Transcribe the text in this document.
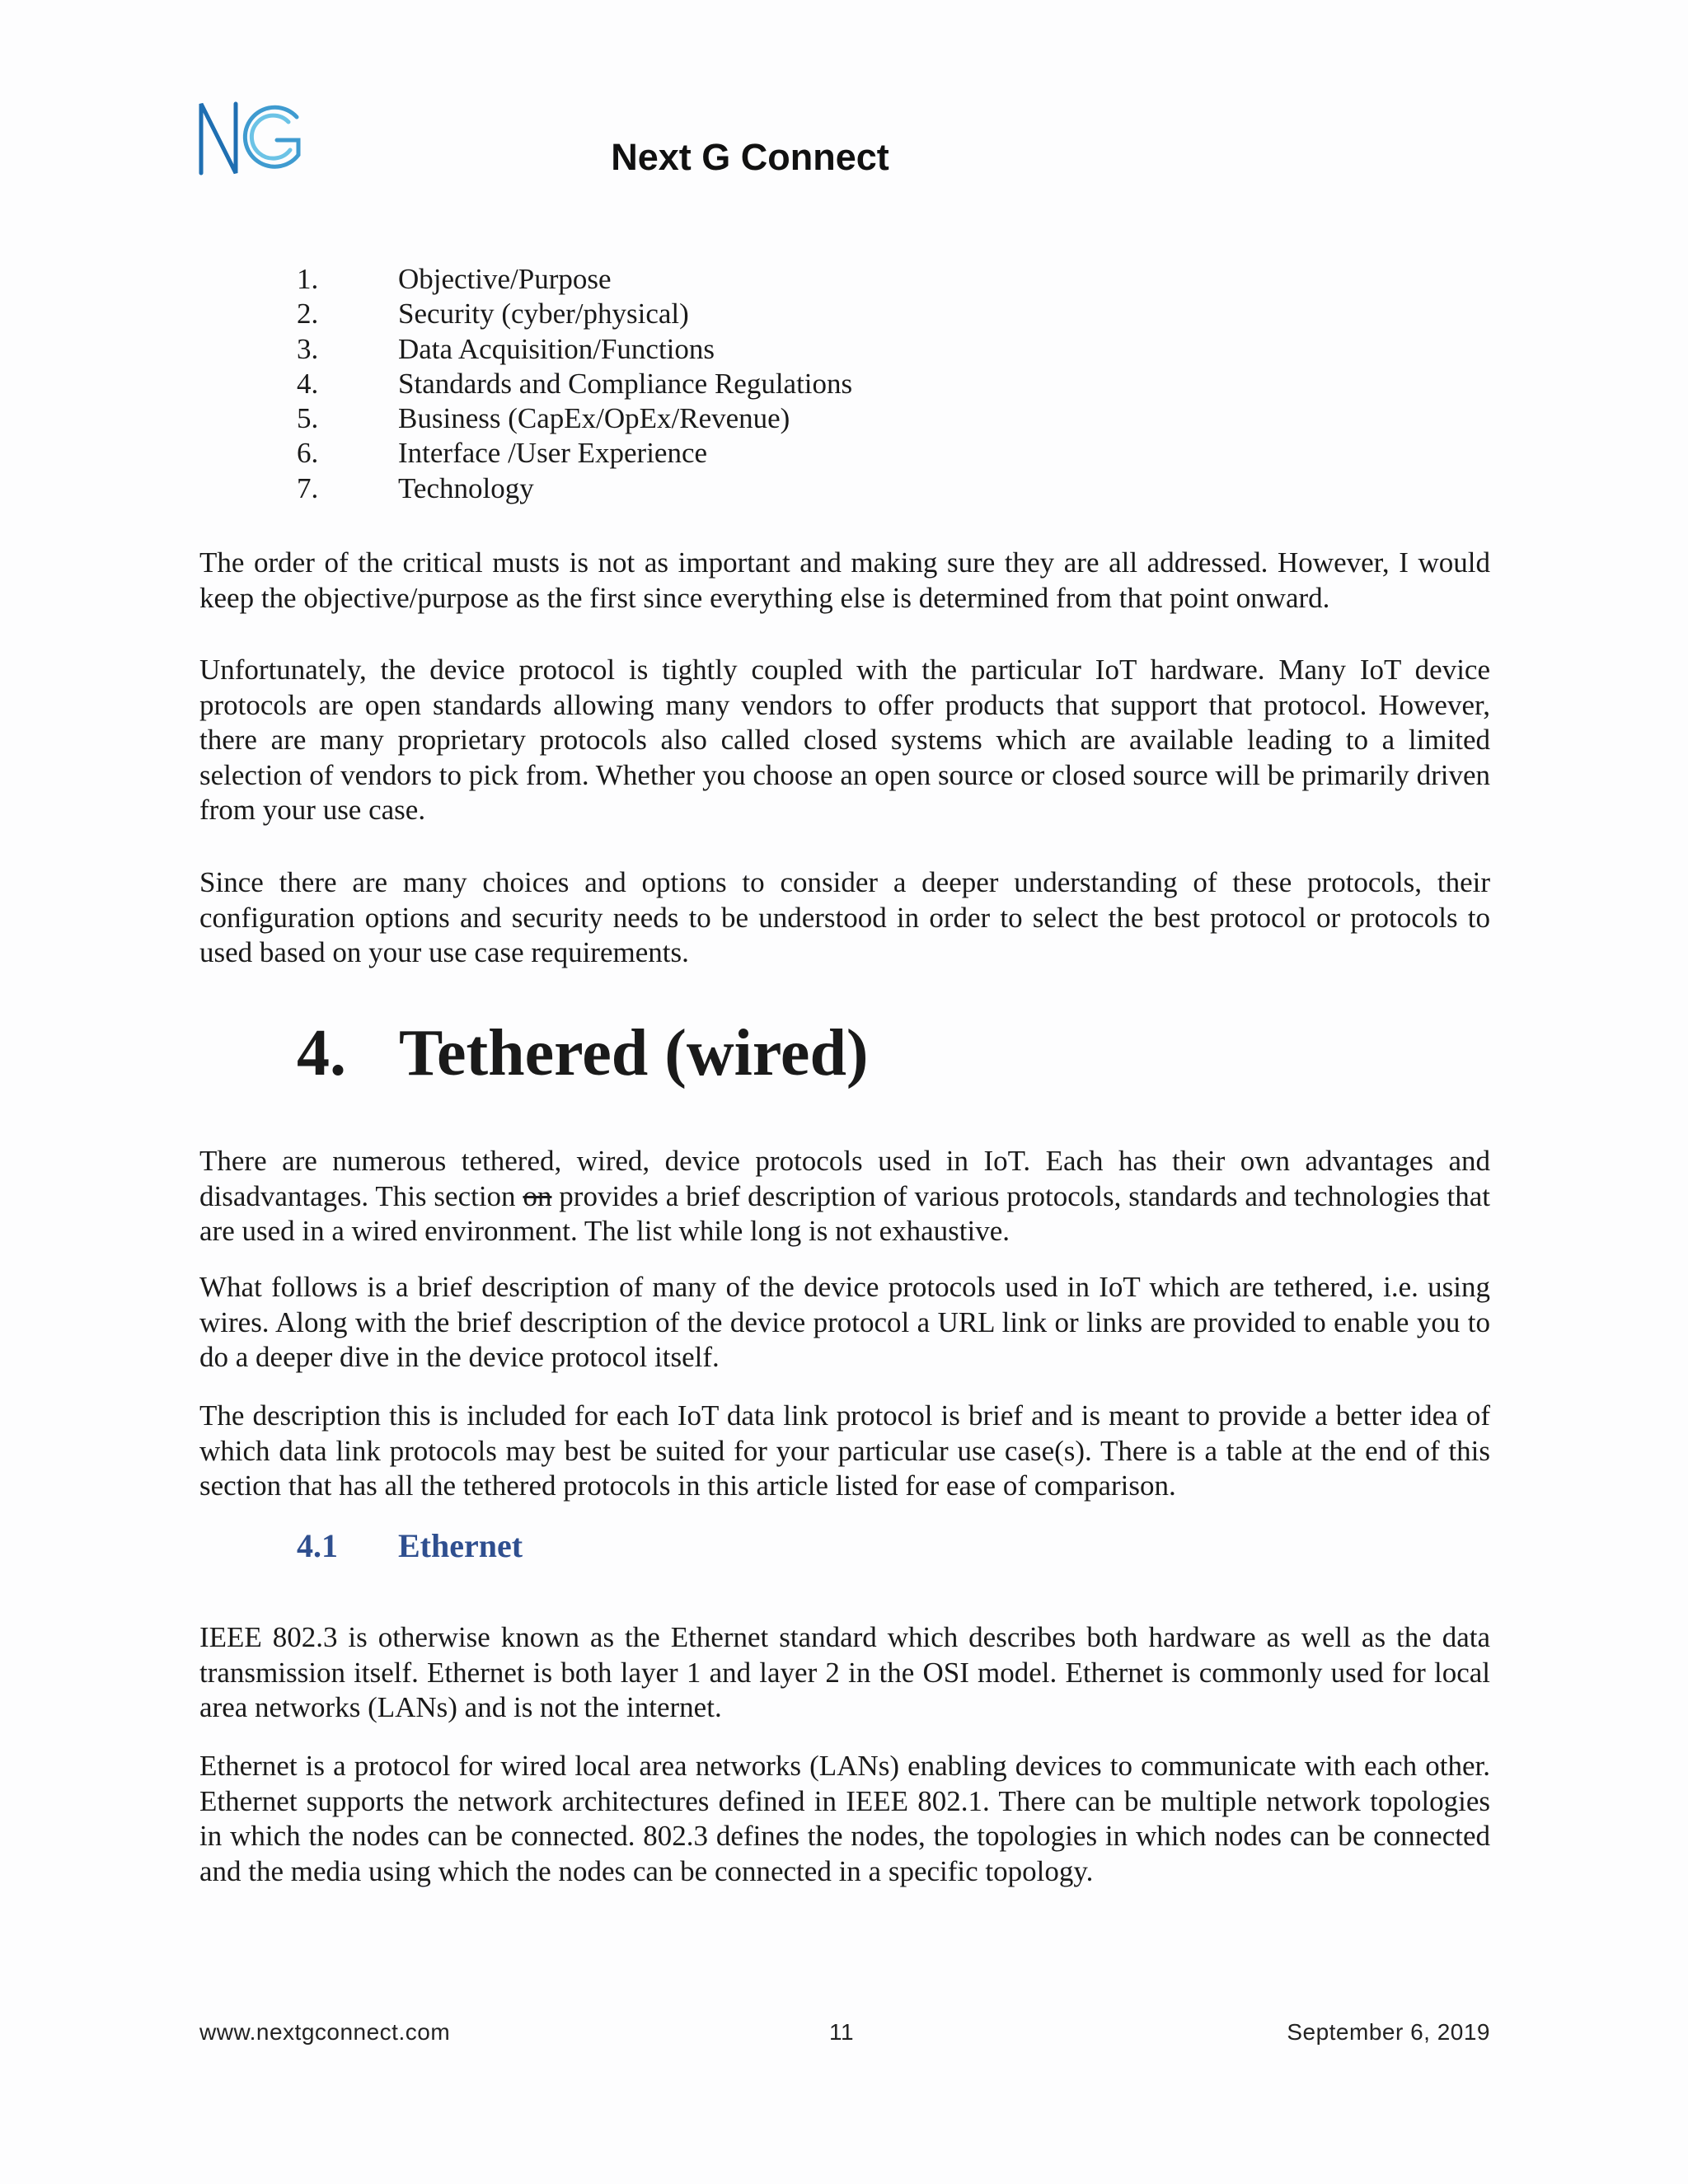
Next G Connect
1.	Objective/Purpose
2.	Security (cyber/physical)
3.	Data Acquisition/Functions
4.	Standards and Compliance Regulations
5.	Business (CapEx/OpEx/Revenue)
6.	Interface /User Experience
7.	Technology

The order of the critical musts is not as important and making sure they are all addressed. However, I would keep the objective/purpose as the first since everything else is determined from that point onward.

Unfortunately, the device protocol is tightly coupled with the particular IoT hardware. Many IoT device protocols are open standards allowing many vendors to offer products that support that protocol. However, there are many proprietary protocols also called closed systems which are available leading to a limited selection of vendors to pick from. Whether you choose an open source or closed source will be primarily driven from your use case.

Since there are many choices and options to consider a deeper understanding of these protocols, their configuration options and security needs to be understood in order to select the best protocol or protocols to used based on your use case requirements.

4. Tethered (wired)

There are numerous tethered, wired, device protocols used in IoT. Each has their own advantages and disadvantages. This section on provides a brief description of various protocols, standards and technologies that are used in a wired environment. The list while long is not exhaustive.

What follows is a brief description of many of the device protocols used in IoT which are tethered, i.e. using wires. Along with the brief description of the device protocol a URL link or links are provided to enable you to do a deeper dive in the device protocol itself.

The description this is included for each IoT data link protocol is brief and is meant to provide a better idea of which data link protocols may best be suited for your particular use case(s). There is a table at the end of this section that has all the tethered protocols in this article listed for ease of comparison.

4.1 Ethernet

IEEE 802.3 is otherwise known as the Ethernet standard which describes both hardware as well as the data transmission itself. Ethernet is both layer 1 and layer 2 in the OSI model. Ethernet is commonly used for local area networks (LANs) and is not the internet.

Ethernet is a protocol for wired local area networks (LANs) enabling devices to communicate with each other. Ethernet supports the network architectures defined in IEEE 802.1. There can be multiple network topologies in which the nodes can be connected. 802.3 defines the nodes, the topologies in which nodes can be connected and the media using which the nodes can be connected in a specific topology.

www.nextgconnect.com	11	September 6, 2019
